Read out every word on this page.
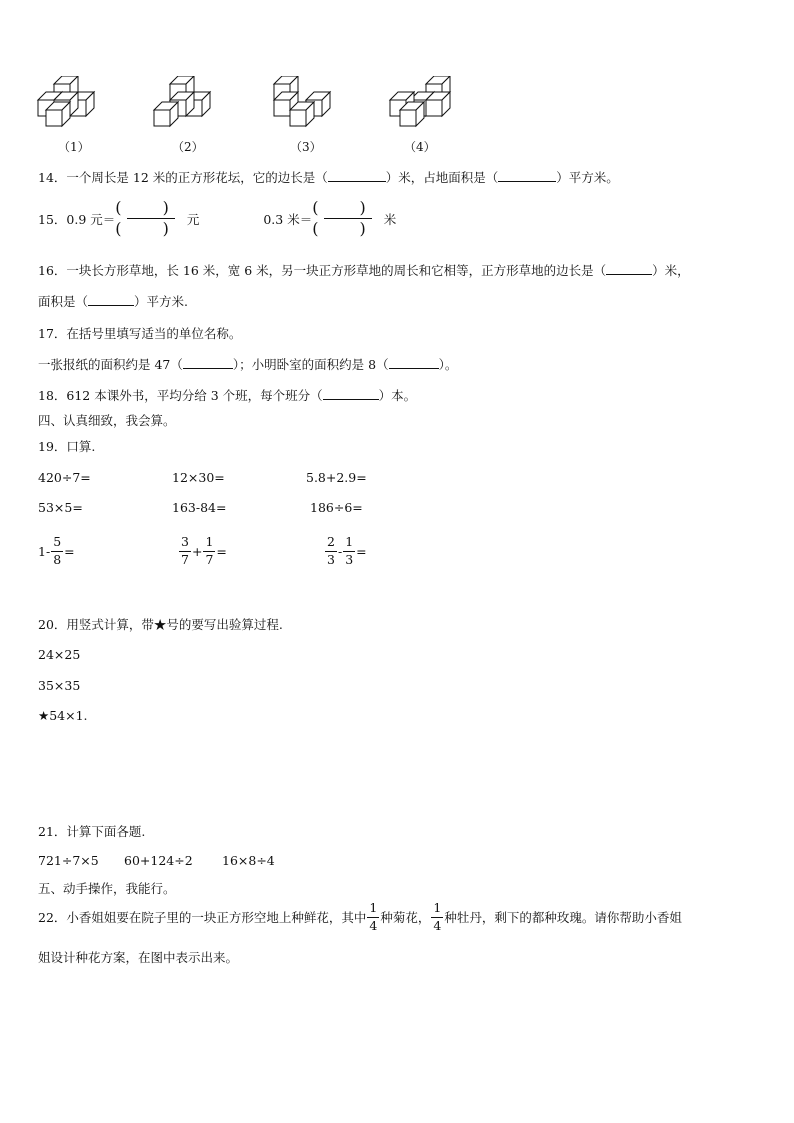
（1）	（2）	（3）	（4）
14．一个周长是 12 米的正方形花坛，它的边长是（	）米，占地面积是（	）平方米。
15． 0.9 元＝ $\frac{( )}{( )}$ 元	0.3 米＝ $\frac{( )}{( )}$ 米
16．一块长方形草地，长 16 米，宽 6 米，另一块正方形草地的周长和它相等，正方形草地的边长是（	）米，
面积是（	）平方米.
17．在括号里填写适当的单位名称。
一张报纸的面积约是 47（	）；小明卧室的面积约是 8（	）。
18．612 本课外书，平均分给 3 个班，每个班分（	）本。
四、认真细致，我会算。
19．口算.
420÷7=	12×30=	5.8+2.9=
53×5=	163-84=	186÷6=
$1- \frac{5}{8}$ =	$\frac{3}{7} + \frac{1}{7}$ =	$\frac{2}{3} - \frac{1}{3}$ =
20．用竖式计算，带★号的要写出验算过程.
24×25
35×35
★54×1.
21．计算下面各题.
721÷7×5 60+124÷2 16×8÷4
五、动手操作，我能行。
22． 小香姐姐要在院子里的一块正方形空地上种鲜花，其中 $\frac{1}{4}$ 种菊花， $\frac{1}{4}$ 种牡丹，剩下的都种玫瑰。请你帮助小香姐
姐设计种花方案，在图中表示出来。
